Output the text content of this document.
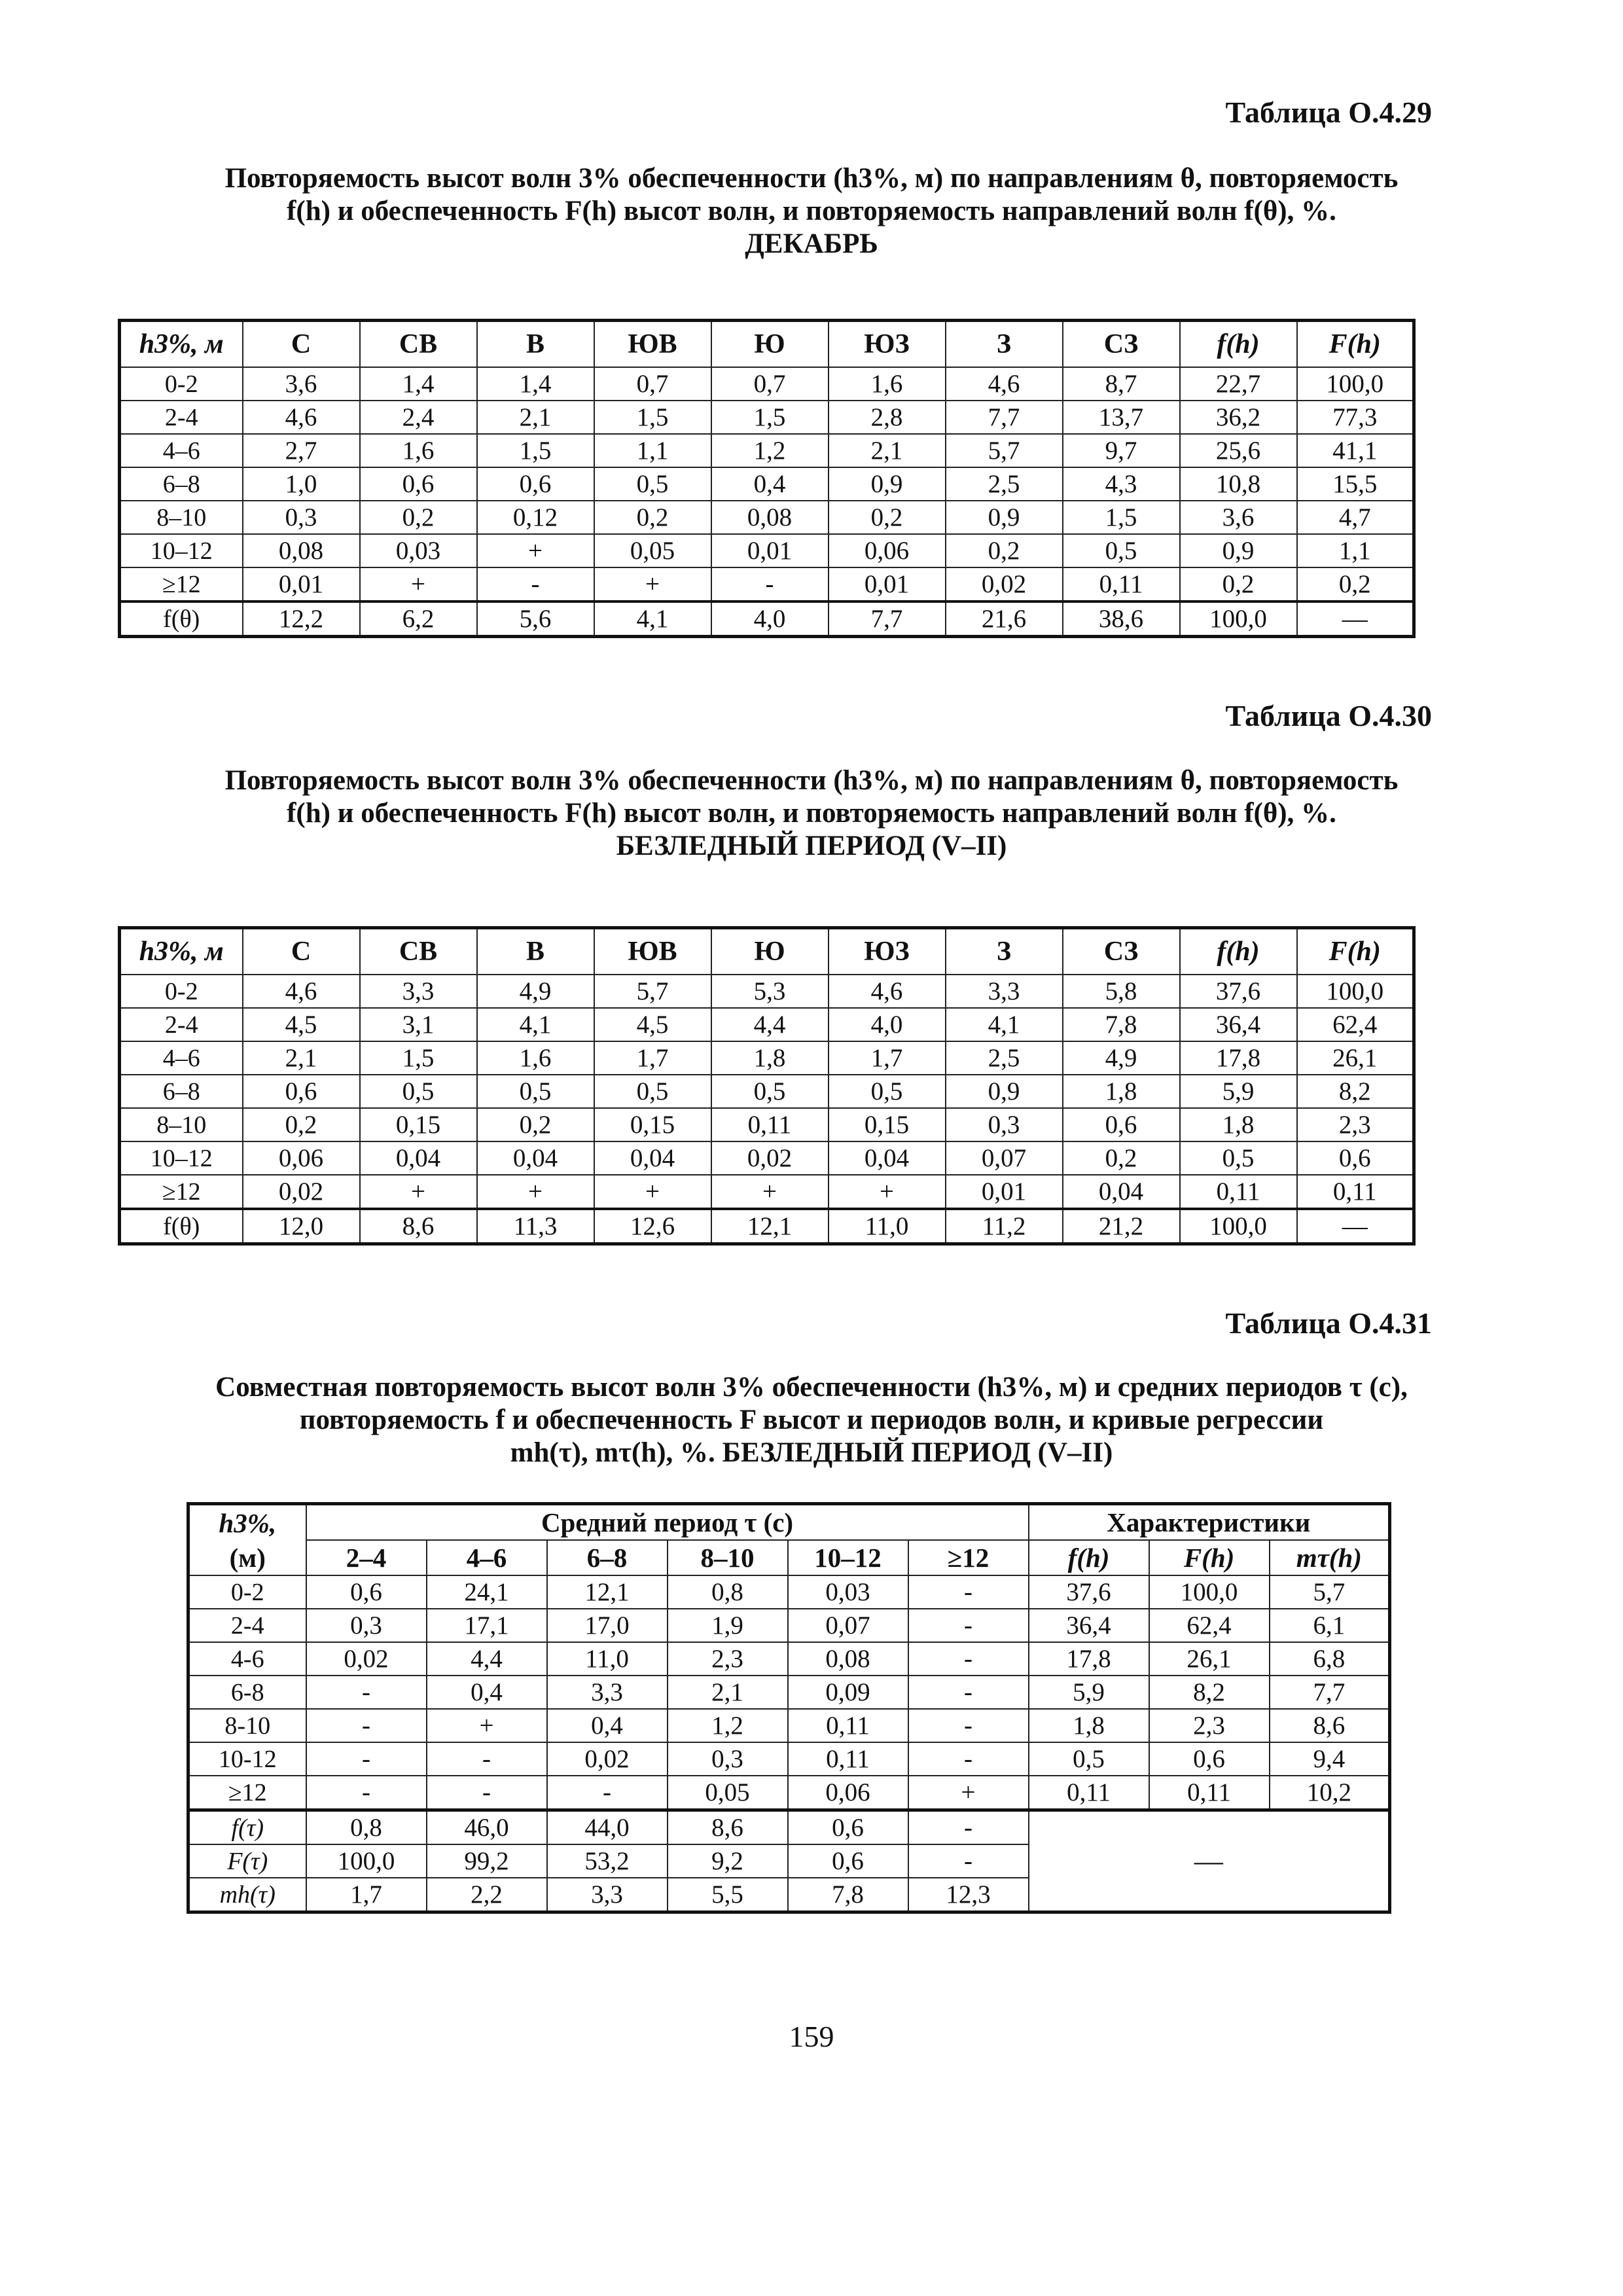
Таблица О.4.29
Повторяемость высот волн 3% обеспеченности (h3%, м) по направлениям θ, повторяемость
f(h) и обеспеченность F(h) высот волн, и повторяемость направлений волн f(θ), %.
ДЕКАБРЬ
h3%, м	С	СВ	В	ЮВ	Ю	ЮЗ	З	СЗ	f(h)	F(h)
0-2	3,6	1,4	1,4	0,7	0,7	1,6	4,6	8,7	22,7	100,0
2-4	4,6	2,4	2,1	1,5	1,5	2,8	7,7	13,7	36,2	77,3
4–6	2,7	1,6	1,5	1,1	1,2	2,1	5,7	9,7	25,6	41,1
6–8	1,0	0,6	0,6	0,5	0,4	0,9	2,5	4,3	10,8	15,5
8–10	0,3	0,2	0,12	0,2	0,08	0,2	0,9	1,5	3,6	4,7
10–12	0,08	0,03	+	0,05	0,01	0,06	0,2	0,5	0,9	1,1
≥12	0,01	+	-	+	-	0,01	0,02	0,11	0,2	0,2
f(θ)	12,2	6,2	5,6	4,1	4,0	7,7	21,6	38,6	100,0	—
Таблица О.4.30
Повторяемость высот волн 3% обеспеченности (h3%, м) по направлениям θ, повторяемость
f(h) и обеспеченность F(h) высот волн, и повторяемость направлений волн f(θ), %.
БЕЗЛЕДНЫЙ ПЕРИОД (V–II)
h3%, м	С	СВ	В	ЮВ	Ю	ЮЗ	З	СЗ	f(h)	F(h)
0-2	4,6	3,3	4,9	5,7	5,3	4,6	3,3	5,8	37,6	100,0
2-4	4,5	3,1	4,1	4,5	4,4	4,0	4,1	7,8	36,4	62,4
4–6	2,1	1,5	1,6	1,7	1,8	1,7	2,5	4,9	17,8	26,1
6–8	0,6	0,5	0,5	0,5	0,5	0,5	0,9	1,8	5,9	8,2
8–10	0,2	0,15	0,2	0,15	0,11	0,15	0,3	0,6	1,8	2,3
10–12	0,06	0,04	0,04	0,04	0,02	0,04	0,07	0,2	0,5	0,6
≥12	0,02	+	+	+	+	+	0,01	0,04	0,11	0,11
f(θ)	12,0	8,6	11,3	12,6	12,1	11,0	11,2	21,2	100,0	—
Таблица О.4.31
Совместная повторяемость высот волн 3% обеспеченности (h3%, м) и средних периодов τ (с),
повторяемость f и обеспеченность F высот и периодов волн, и кривые регрессии
mh(τ), mτ(h), %. БЕЗЛЕДНЫЙ ПЕРИОД (V–II)
h3%,	Средний период τ (с)						Характеристики		
(м)	2–4	4–6	6–8	8–10	10–12	≥12	f(h)	F(h)	mτ(h)
0-2	0,6	24,1	12,1	0,8	0,03	-	37,6	100,0	5,7
2-4	0,3	17,1	17,0	1,9	0,07	-	36,4	62,4	6,1
4-6	0,02	4,4	11,0	2,3	0,08	-	17,8	26,1	6,8
6-8	-	0,4	3,3	2,1	0,09	-	5,9	8,2	7,7
8-10	-	+	0,4	1,2	0,11	-	1,8	2,3	8,6
10-12	-	-	0,02	0,3	0,11	-	0,5	0,6	9,4
≥12	-	-	-	0,05	0,06	+	0,11	0,11	10,2
f(τ)	0,8	46,0	44,0	8,6	0,6	-	—		
F(τ)	100,0	99,2	53,2	9,2	0,6	-			
mh(τ)	1,7	2,2	3,3	5,5	7,8	12,3			
159
